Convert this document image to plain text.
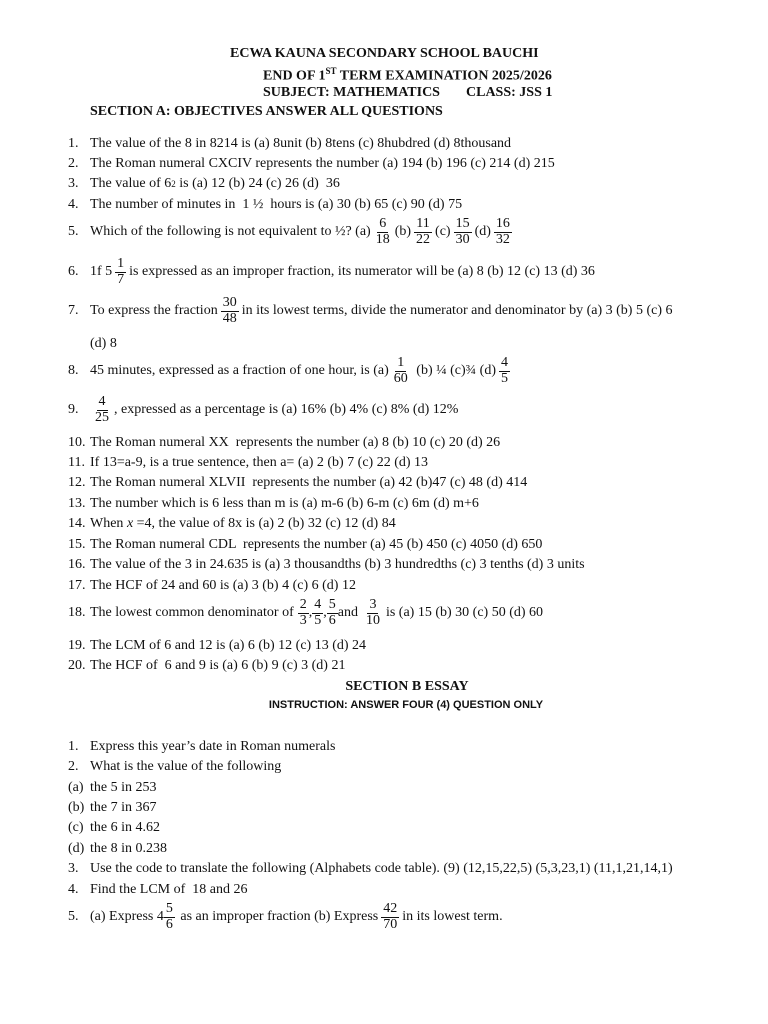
ECWA KAUNA SECONDARY SCHOOL BAUCHI
END OF 1ST TERM EXAMINATION 2025/2026
SUBJECT: MATHEMATICS CLASS: JSS 1
SECTION A: OBJECTIVES ANSWER ALL QUESTIONS
1. The value of the 8 in 8214 is (a) 8unit (b) 8tens (c) 8hubdred (d) 8thousand
2. The Roman numeral CXCIV represents the number (a) 194 (b) 196 (c) 214 (d) 215
3. The value of 6 2 is (a) 12 (b) 24 (c) 26 (d)  36
4. The number of minutes in  1 ½  hours is (a) 30 (b) 65 (c) 90 (d) 75
5. Which of the following is not equivalent to ½? $(a) \frac{6}{18} (b) \frac{11}{22} (c) \frac{15}{30} (d) \frac{16}{32}$
6. 1f $5 \frac{1}{7}$ is expressed as an improper fraction, its numerator will be (a) 8 (b) 12 (c) 13 (d) 36
7. To express the fraction $\frac{30}{48}$ in its lowest terms, divide the numerator and denominator by (a) 3 (b) 5 (c) 6
(d) 8
8. 45 minutes, expressed as a fraction of one hour, is $(a) \frac{1}{60} (b)$ ¼ (c)¾ $(d) \frac{4}{5}$
9.	$\frac{4}{25}$ , expressed as a percentage is (a) 16% (b) 4% (c) 8% (d) 12%
10. The Roman numeral XX  represents the number (a) 8 (b) 10 (c) 20 (d) 26
11. If 13=a-9, is a true sentence, then a= (a) 2 (b) 7 (c) 22 (d) 13
12. The Roman numeral XLVII  represents the number (a) 42 (b)47 (c) 48 (d) 414
13. The number which is 6 less than m is (a) m-6 (b) 6-m (c) 6m (d) m+6
14. When x =4, the value of 8x is (a) 2 (b) 32 (c) 12 (d) 84
15. The Roman numeral CDL  represents the number (a) 45 (b) 450 (c) 4050 (d) 650
16. The value of the 3 in 24.635 is (a) 3 thousandths (b) 3 hundredths (c) 3 tenths (d) 3 units
17. The HCF of 24 and 60 is (a) 3 (b) 4 (c) 6 (d) 12
18. The lowest common denominator of $\frac{2}{3}$ , $\frac{4}{5}$ , $\frac{5}{6}$ and $\frac{3}{10}$ is (a) 15 (b) 30 (c) 50 (d) 60
19. The LCM of 6 and 12 is (a) 6 (b) 12 (c) 13 (d) 24
20. The HCF of  6 and 9 is (a) 6 (b) 9 (c) 3 (d) 21
SECTION B ESSAY
INSTRUCTION: ANSWER FOUR (4) QUESTION ONLY
1. Express this year’s date in Roman numerals
2. What is the value of the following
(a) the 5 in 253
(b) the 7 in 367
(c) the 6 in 4.62
(d) the 8 in 0.238
3. Use the code to translate the following (Alphabets code table). (9) (12,15,22,5) (5,3,23,1) (11,1,21,14,1)
4. Find the LCM of  18 and 26
5. (a) Express $4 \frac{5}{6}$ as an improper fraction (b) Express $\frac{42}{70}$ in its lowest term.
